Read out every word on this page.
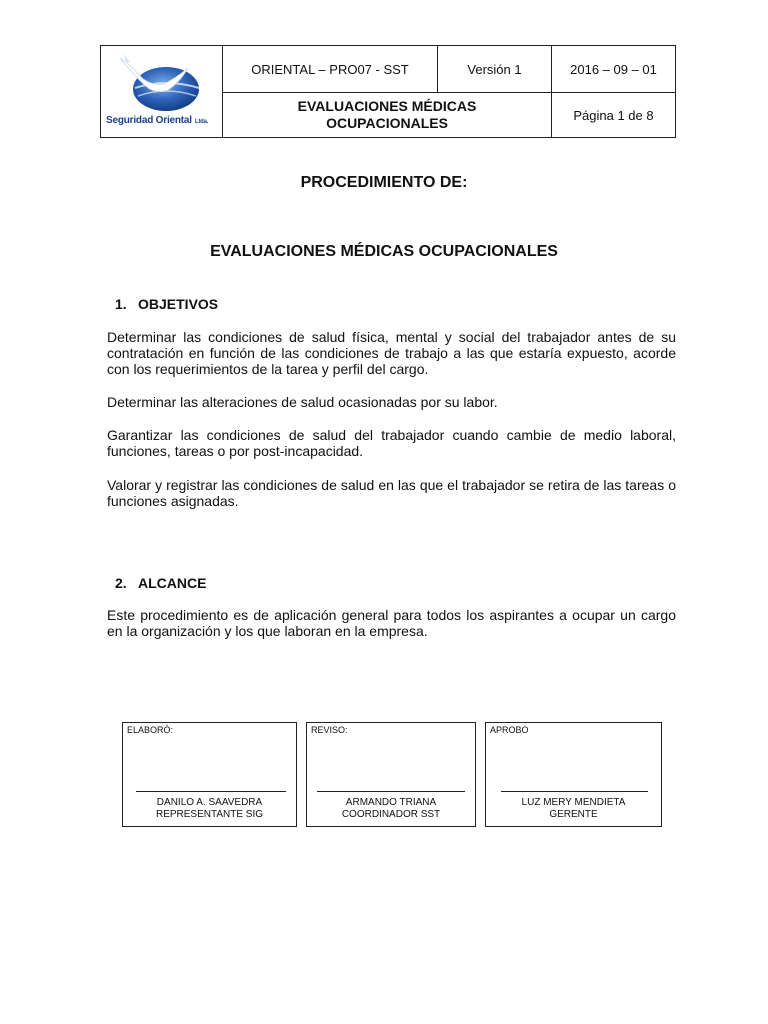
Seguridad Oriental Ltda.
ORIENTAL – PRO07 - SST	Versión 1	2016 – 09 – 01
EVALUACIONES MÉDICAS
OCUPACIONALES	Página 1 de 8
PROCEDIMIENTO DE:
EVALUACIONES MÉDICAS OCUPACIONALES
1. OBJETIVOS
Determinar las condiciones de salud física, mental y social del trabajador antes de su contratación en función de las condiciones de trabajo a las que estaría expuesto, acorde con los requerimientos de la tarea y perfil del cargo.
Determinar las alteraciones de salud ocasionadas por su labor.
Garantizar las condiciones de salud del trabajador cuando cambie de medio laboral, funciones, tareas o por post-incapacidad.
Valorar y registrar las condiciones de salud en las que el trabajador se retira de las tareas o funciones asignadas.
2. ALCANCE
Este procedimiento es de aplicación general para todos los aspirantes a ocupar un cargo en la organización y los que laboran en la empresa.
ELABORÓ:
DANILO A. SAAVEDRA
REPRESENTANTE SIG
REVISO:
ARMANDO TRIANA
COORDINADOR SST
APROBO
LUZ MERY MENDIETA
GERENTE
